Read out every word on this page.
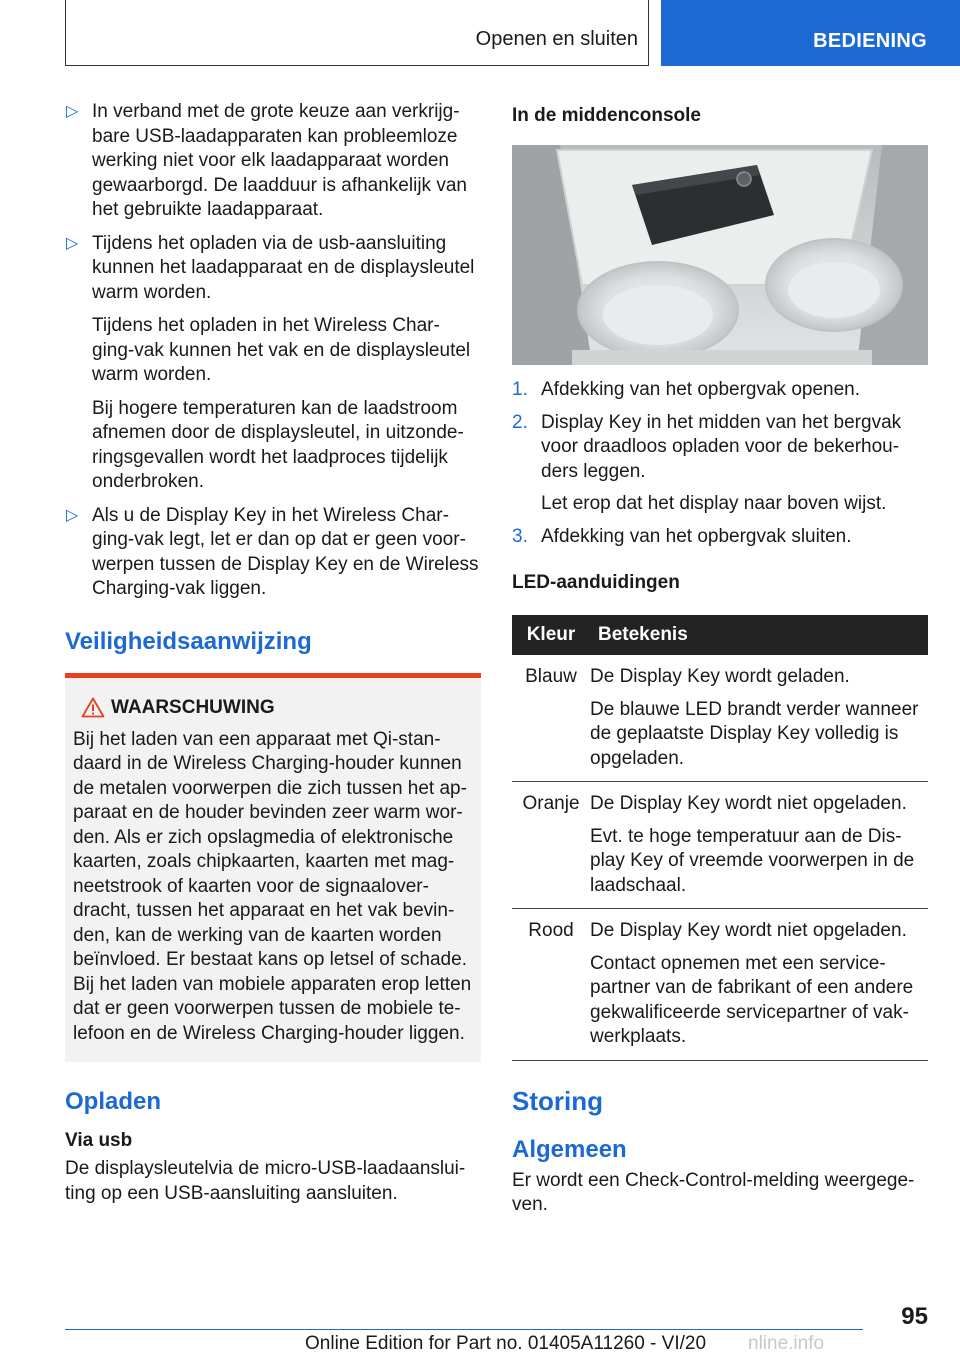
Openen en sluiten	BEDIENING
▷ In verband met de grote keuze aan verkrijg-bare USB-laadapparaten kan probleemloze werking niet voor elk laadapparaat worden gewaarborgd. De laadduur is afhankelijk van het gebruikte laadapparaat.
▷ Tijdens het opladen via de usb-aansluiting kunnen het laadapparaat en de displaysleutel warm worden.
Tijdens het opladen in het Wireless Char-ging-vak kunnen het vak en de displaysleutel warm worden.
Bij hogere temperaturen kan de laadstroom afnemen door de displaysleutel, in uitzonde-ringsgevallen wordt het laadproces tijdelijk onderbroken.
▷ Als u de Display Key in het Wireless Char-ging-vak legt, let er dan op dat er geen voor-werpen tussen de Display Key en de Wireless Charging-vak liggen.
Veiligheidsaanwijzing
WAARSCHUWING
Bij het laden van een apparaat met Qi-stan-daard in de Wireless Charging-houder kunnen de metalen voorwerpen die zich tussen het ap-paraat en de houder bevinden zeer warm wor-den. Als er zich opslagmedia of elektronische kaarten, zoals chipkaarten, kaarten met mag-neetstrook of kaarten voor de signaalover-dracht, tussen het apparaat en het vak bevin-den, kan de werking van de kaarten worden beïnvloed. Er bestaat kans op letsel of schade. Bij het laden van mobiele apparaten erop letten dat er geen voorwerpen tussen de mobiele te-lefoon en de Wireless Charging-houder liggen.
Opladen
Via usb
De displaysleutelvia de micro-USB-laadaanslui-ting op een USB-aansluiting aansluiten.
In de middenconsole
1. Afdekking van het opbergvak openen.
2. Display Key in het midden van het bergvak voor draadloos opladen voor de bekerhou-ders leggen.
Let erop dat het display naar boven wijst.
3. Afdekking van het opbergvak sluiten.
LED-aanduidingen
Kleur	Betekenis
Blauw	De Display Key wordt geladen.
De blauwe LED brandt verder wanneer de geplaatste Display Key volledig is opgeladen.

Oranje	De Display Key wordt niet opgeladen.
Evt. te hoge temperatuur aan de Dis-play Key of vreemde voorwerpen in de laadschaal.

Rood	De Display Key wordt niet opgeladen.
Contact opnemen met een service-partner van de fabrikant of een andere gekwalificeerde servicepartner of vak-werkplaats.
Storing
Algemeen
Er wordt een Check-Control-melding weergege-ven.
95
Online Edition for Part no. 01405A11260 - VI/20 nline.info
